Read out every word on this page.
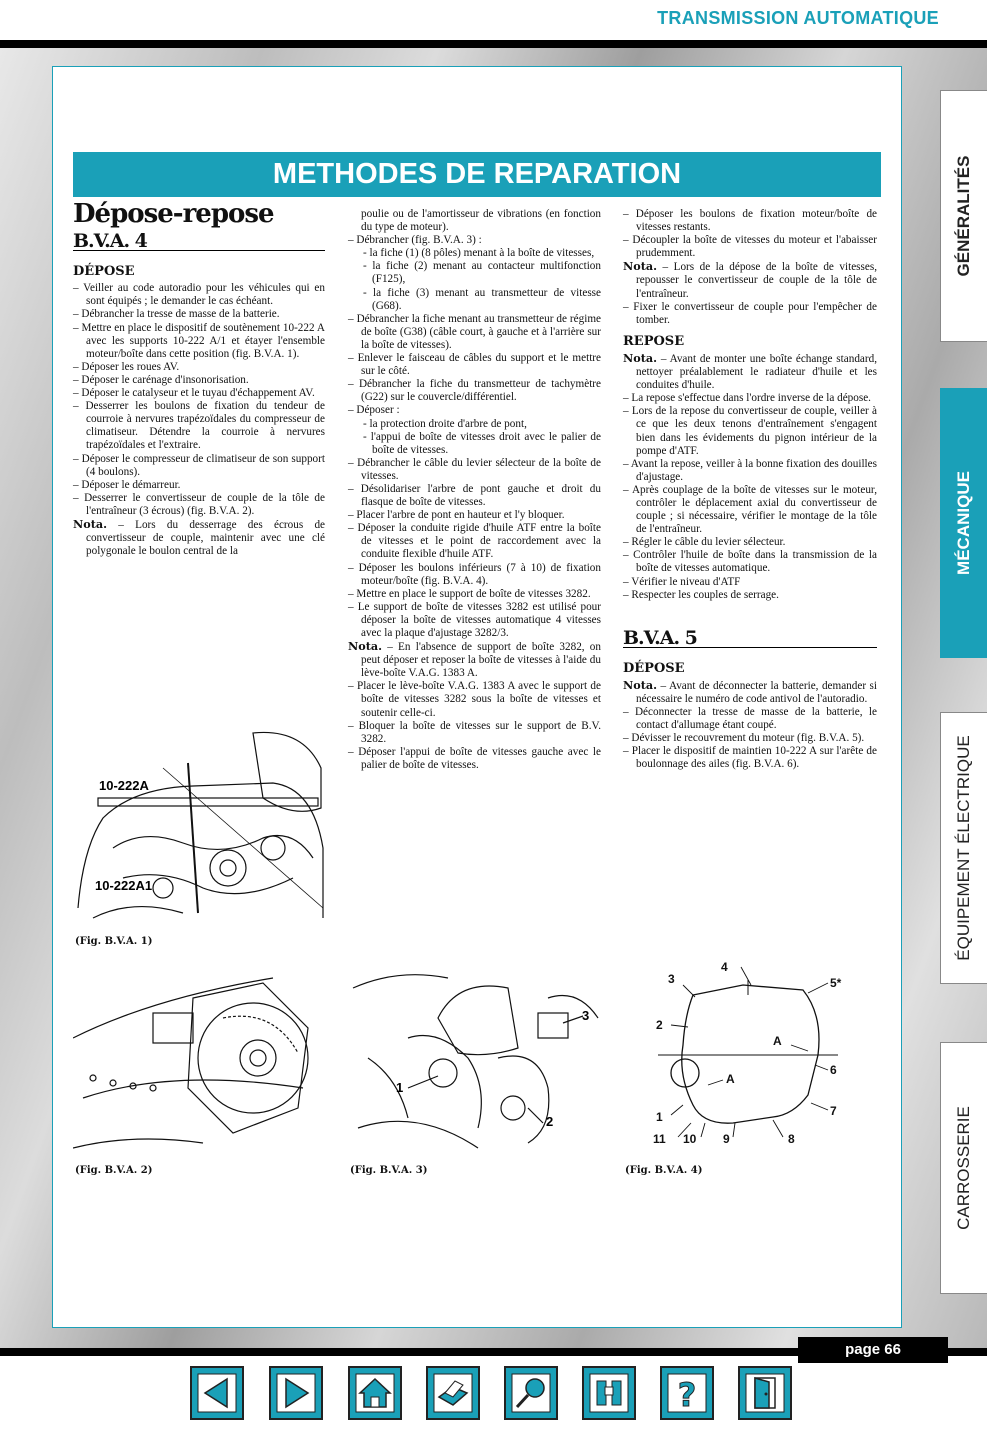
TRANSMISSION AUTOMATIQUE
METHODES DE REPARATION
Dépose-repose
B.V.A. 4
DÉPOSE

– Veiller au code autoradio pour les véhicules qui en sont équipés ; le demander le cas échéant.

– Débrancher la tresse de masse de la batterie.

– Mettre en place le dispositif de soutènement 10-222 A avec les supports 10-222 A/1 et étayer l'ensemble moteur/boîte dans cette position (fig. B.V.A. 1).

– Déposer les roues AV.

– Déposer le carénage d'insonorisation.

– Déposer le catalyseur et le tuyau d'échappement AV.

– Desserrer les boulons de fixation du tendeur de courroie à nervures trapézoïdales du compresseur de climatiseur. Détendre la courroie à nervures trapézoïdales et l'extraire.

– Déposer le compresseur de climatiseur de son support (4 boulons).

– Déposer le démarreur.

– Desserrer le convertisseur de couple de la tôle de l'entraîneur (3 écrous) (fig. B.V.A. 2).

Nota. – Lors du desserrage des écrous de convertisseur de couple, maintenir avec une clé polygonale le boulon central de la

poulie ou de l'amortisseur de vibrations (en fonction du type de moteur).

– Débrancher (fig. B.V.A. 3) :

- la fiche (1) (8 pôles) menant à la boîte de vitesses,

- la fiche (2) menant au contacteur multifonction (F125),

- la fiche (3) menant au transmetteur de vitesse (G68).

– Débrancher la fiche menant au transmetteur de régime de boîte (G38) (câble court, à gauche et à l'arrière sur la boîte de vitesses).

– Enlever le faisceau de câbles du support et le mettre sur le côté.

– Débrancher la fiche du transmetteur de tachymètre (G22) sur le couvercle/différentiel.

– Déposer :

- la protection droite d'arbre de pont,

- l'appui de boîte de vitesses droit avec le palier de boîte de vitesses.

– Débrancher le câble du levier sélecteur de la boîte de vitesses.

– Désolidariser l'arbre de pont gauche et droit du flasque de boîte de vitesses.

– Placer l'arbre de pont en hauteur et l'y bloquer.

– Déposer la conduite rigide d'huile ATF entre la boîte de vitesses et le point de raccordement avec la conduite flexible d'huile ATF.

– Déposer les boulons inférieurs (7 à 10) de fixation moteur/boîte (fig. B.V.A. 4).

– Mettre en place le support de boîte de vitesses 3282.

– Le support de boîte de vitesses 3282 est utilisé pour déposer la boîte de vitesses automatique 4 vitesses avec la plaque d'ajustage 3282/3.

Nota. – En l'absence de support de boîte 3282, on peut déposer et reposer la boîte de vitesses à l'aide du lève-boîte V.A.G. 1383 A.

– Placer le lève-boîte V.A.G. 1383 A avec le support de boîte de vitesses 3282 sous la boîte de vitesses et soutenir celle-ci.

– Bloquer la boîte de vitesses sur le support de B.V. 3282.

– Déposer l'appui de boîte de vitesses gauche avec le palier de boîte de vitesses.

– Déposer les boulons de fixation moteur/boîte de vitesses restants.

– Découpler la boîte de vitesses du moteur et l'abaisser prudemment.

Nota. – Lors de la dépose de la boîte de vitesses, repousser le convertisseur de couple de la tôle de l'entraîneur.

– Fixer le convertisseur de couple pour l'empêcher de tomber.

REPOSE

Nota. – Avant de monter une boîte échange standard, nettoyer préalablement le radiateur d'huile et les conduites d'huile.

– La repose s'effectue dans l'ordre inverse de la dépose.

– Lors de la repose du convertisseur de couple, veiller à ce que les deux tenons d'entraînement s'engagent bien dans les évidements du pignon intérieur de la pompe d'ATF.

– Avant la repose, veiller à la bonne fixation des douilles d'ajustage.

– Après couplage de la boîte de vitesses sur le moteur, contrôler le déplacement axial du convertisseur de couple ; si nécessaire, vérifier le montage de la tôle de l'entraîneur.

– Régler le câble du levier sélecteur.

– Contrôler l'huile de boîte dans la transmission de la boîte de vitesses automatique.

– Vérifier le niveau d'ATF

– Respecter les couples de serrage.

B.V.A. 5
DÉPOSE

Nota. – Avant de déconnecter la batterie, demander si nécessaire le numéro de code antivol de l'autoradio.

– Déconnecter la tresse de masse de la batterie, le contact d'allumage étant coupé.

– Dévisser le recouvrement du moteur (fig. B.V.A. 5).

– Placer le dispositif de maintien 10-222 A sur l'arête de boulonnage des ailes (fig. B.V.A. 6).

10-222A
10-222A1
(Fig. B.V.A. 1)
(Fig. B.V.A. 2)
1
2
3
(Fig. B.V.A. 3)
3
4
5*
2
A
6
A
1	7
11 10 9	8
(Fig. B.V.A. 4)
GÉNÉRALITÉS
MÉCANIQUE
ÉQUIPEMENT ÉLECTRIQUE
CARROSSERIE
page 66
?
